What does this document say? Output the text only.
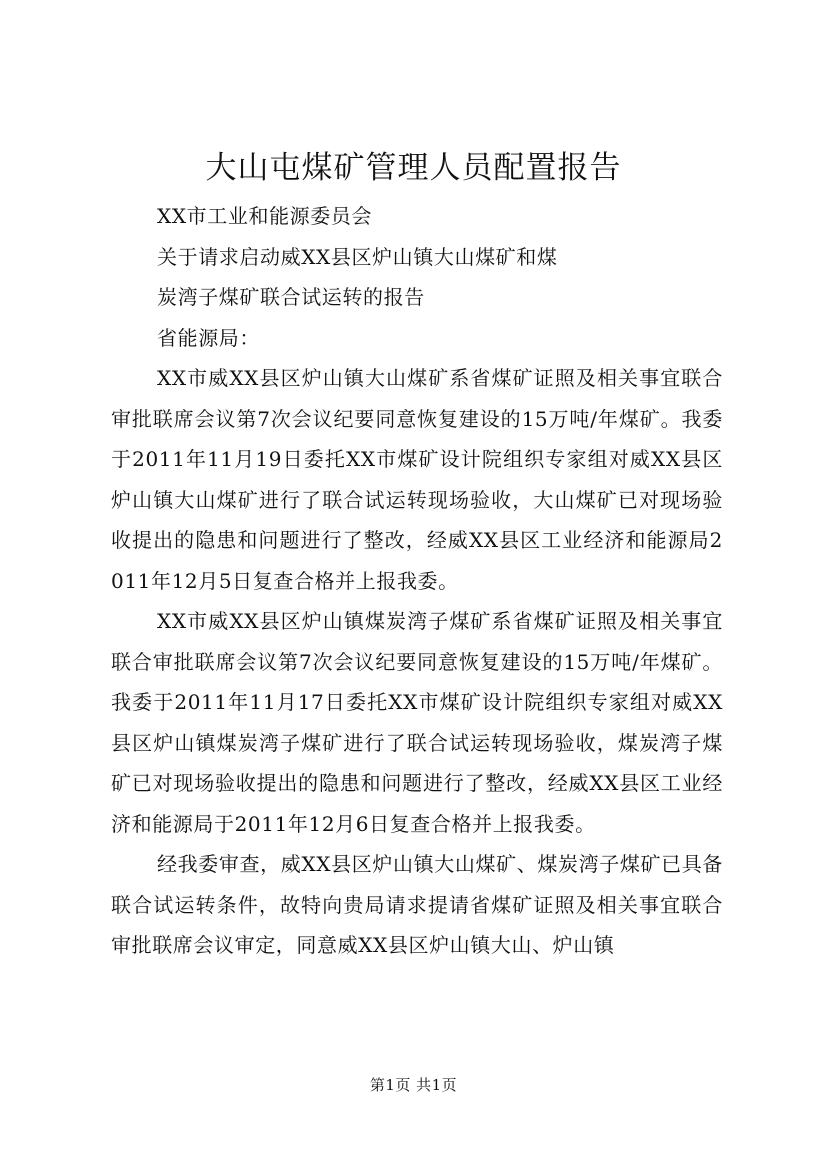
大山屯煤矿管理人员配置报告

XX市工业和能源委员会

关于请求启动威XX县区炉山镇大山煤矿和煤

炭湾子煤矿联合试运转的报告

省能源局：

XX市威XX县区炉山镇大山煤矿系省煤矿证照及相关事宜联合审批联席会议第7次会议纪要同意恢复建设的15万吨/年煤矿。我委于2011年11月19日委托XX市煤矿设计院组织专家组对威XX县区炉山镇大山煤矿进行了联合试运转现场验收，大山煤矿已对现场验收提出的隐患和问题进行了整改，经威XX县区工业经济和能源局2011年12月5日复查合格并上报我委。

XX市威XX县区炉山镇煤炭湾子煤矿系省煤矿证照及相关事宜联合审批联席会议第7次会议纪要同意恢复建设的15万吨/年煤矿。我委于2011年11月17日委托XX市煤矿设计院组织专家组对威XX县区炉山镇煤炭湾子煤矿进行了联合试运转现场验收，煤炭湾子煤矿已对现场验收提出的隐患和问题进行了整改，经威XX县区工业经济和能源局于2011年12月6日复查合格并上报我委。

经我委审查，威XX县区炉山镇大山煤矿、煤炭湾子煤矿已具备联合试运转条件，故特向贵局请求提请省煤矿证照及相关事宜联合审批联席会议审定，同意威XX县区炉山镇大山、炉山镇

第1页 共1页
